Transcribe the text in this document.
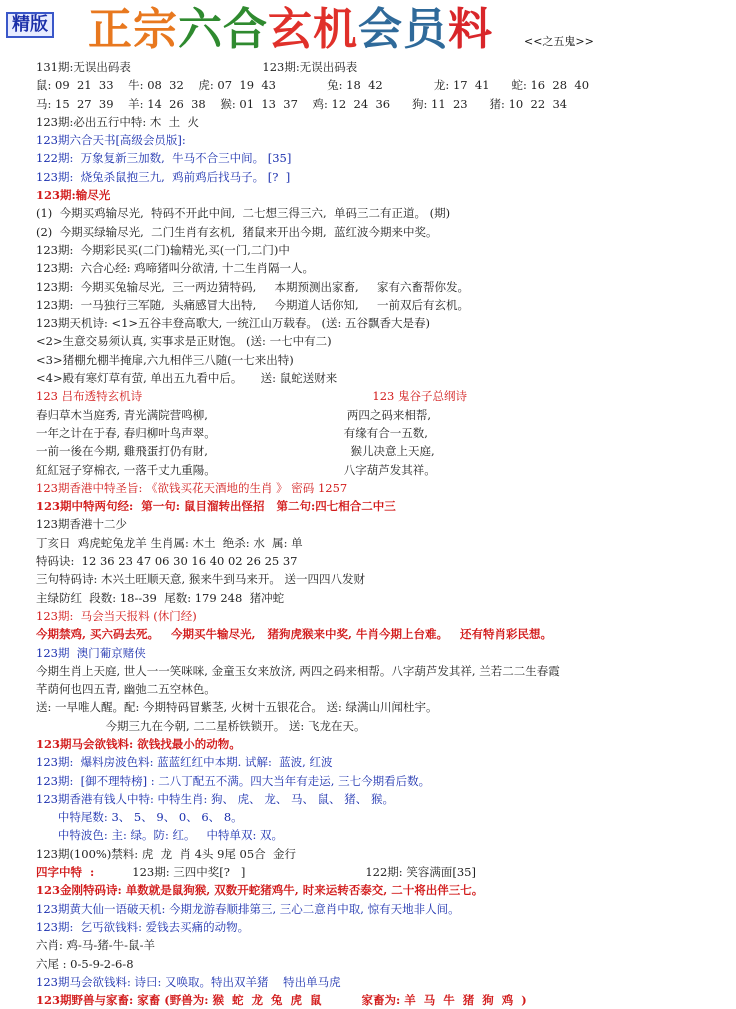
精版 正宗六合玄机会员料	<<之五鬼>>
131期:无误出码表                                    123期:无误出码表
鼠: 09  21  33    牛: 08  32    虎: 07  19  43              兔: 18  42              龙: 17  41      蛇: 16  28  40
马: 15  27  39    羊: 14  26  38    猴: 01  13  37    鸡: 12  24  36      狗: 11  23      猪: 10  22  34
123期:必出五行中特: 木  土  火
123期六合天书[高级会员版]:
122期:  万象复新三加数,  牛马不合三中间。 [35]
123期:  烧兔杀鼠抱三九,  鸡前鸡后找马子。 [?  ]
123期:输尽光
(1)  今期买鸡输尽光,  特码不开此中间,  二七想三得三六,  单码三二有正道。 (期)
(2)  今期买绿输尽光,  二门生肖有玄机,  猪鼠来开出今期,  蓝红波今期来中奖。
123期:  今期彩民买(二门)输精光,买(一门,二门)中
123期:  六合心经: 鸡啼猪叫分欲清, 十二生肖隔一人。
123期:  今期买兔输尽光,  三一两边猜特码,     本期预测出家畜,     家有六畜帮你发。
123期:  一马独行三军随,  头痛感冒大出特,     今期道人话你知,     一前双后有玄机。
123期天机诗: <1>五谷丰登高歌大, 一统江山万载春。 (送: 五谷飘香大是春)
<2>生意交易须认真, 实事求是正财饱。 (送: 一七中有二)
<3>猪棚允棚半掩扉,六九相伴三八随(一七来出特)
<4>殿有寒灯草有萤, 单出五九看中后。     送: 鼠蛇送财来
123 吕布透特玄机诗                                                               123 鬼谷子总纲诗
春归草木当庭秀, 青光满院营鸣柳,                                      两四之码来相帮,
一年之计在于春, 春归柳叶鸟声翠。                                   有缘有合一五数,
一前一後在今期, 雞飛蛋打仍有財,                                       猴儿决意上天庭,
紅紅冠子穿棉衣, 一落千丈九重陽。                                   八字葫芦发其祥。
123期香港中特圣旨: 《欲钱买花天酒地的生肖 》 密码 1257
123期中特两句经:  第一句: 鼠目溜转出怪招   第二句:四七相合二中三
123期香港十二少
丁亥日  鸡虎蛇兔龙羊 生肖属: 木土  绝杀: 水  属: 单
特码诀:  12 36 23 47 06 30 16 40 02 26 25 37
三句特码诗: 木兴土旺顺天意, 猴来牛到马来开。 送一四四八发财
主绿防红  段数: 18--39  尾数: 179 248  猪冲蛇
123期:  马会当天报料 (休门经)
今期禁鸡, 买六码去死。   今期买牛输尽光,   猪狗虎猴来中奖, 牛肖今期上台难。   还有特肖彩民想。
123期  澳门葡京赌侠
今期生肖上天庭, 世人一一笑咪咪, 金童玉女来放济, 两四之码来相帮。八字葫芦发其祥, 兰若二二生春霞
芊荫何也四五青, 幽弛二五空林色。
送: 一早唯人醒。配: 今期特码冒紫茎, 火树十五银花合。 送: 绿满山川闻杜宇。
今期三九在今朝, 二二星桥铁锁开。 送: 飞龙在天。
123期马会欲钱料: 欲钱找最小的动物。
123期:  爆料房波色料: 蓝蓝红红中本期. 试解:  蓝波, 红波
123期:  [御不理特榜] : 二八丁配五不满。四大当年有走运, 三七今期看后数。
123期香港有钱人中特: 中特生肖: 狗、 虎、 龙、 马、 鼠、 猪、 猴。
中特尾数: 3、 5、 9、 0、 6、 8。
中特波色: 主: 绿。防: 红。   中特单双: 双。
123期(100%)禁料: 虎  龙  肖 4头 9尾 05合  金行
四字中特  :	123期: 三四中奖[?   ]	122期: 笑容满面[35]
123金刚特码诗: 单数就是鼠狗猴, 双数开蛇猪鸡牛, 时来运转否泰交, 二十将出伴三七。
123期黄大仙一语破天机: 今期龙游春顺排第三, 三心二意肖中取, 惊有天地非人间。
123期:  乞丐欲钱料: 爱钱去买痛的动物。
六肖: 鸡-马-猪-牛-鼠-羊
六尾 : 0-5-9-2-6-8
123期马会欲钱料: 诗曰: 又唤取。特出双羊猪    特出单马虎
123期野兽与家畜: 家畜 (野兽为: 猴  蛇  龙  兔  虎  鼠          家畜为: 羊  马  牛  猪  狗  鸡  )
